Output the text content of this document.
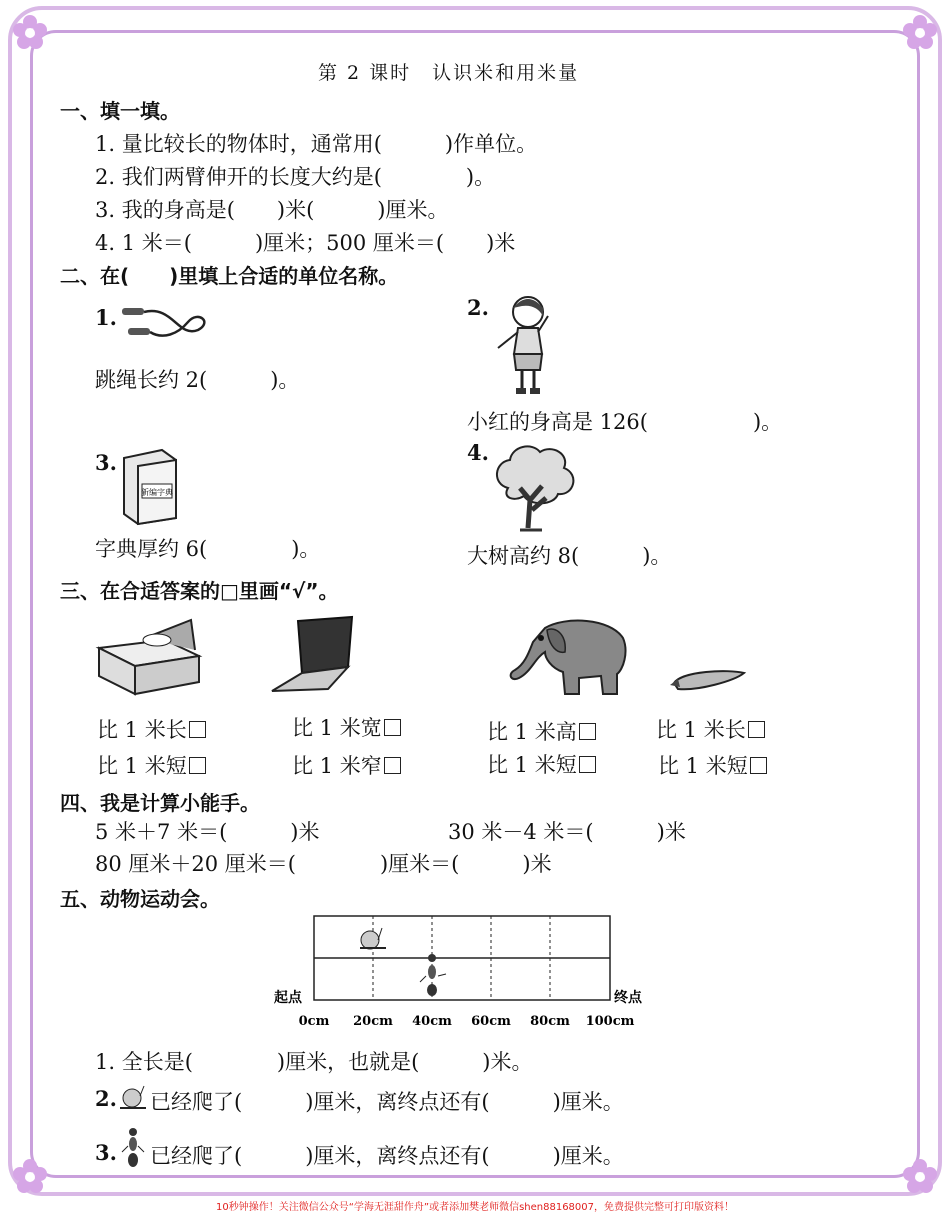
第 2 课时　认识米和用米量
一、填一填。
1. 量比较长的物体时，通常用(　　　)作单位。
2. 我们两臂伸开的长度大约是(　　　　)。
3. 我的身高是(　　)米(　　　)厘米。
4. 1 米＝(　　　)厘米；500 厘米＝(　　)米
二、在(　　)里填上合适的单位名称。
1.
跳绳长约 2(　　　)。
2.
小红的身高是 126(　　　　　)。
3.
新编字典
字典厚约 6(　　　　)。
4.
大树高约 8(　　　)。
三、在合适答案的□里画“√”。
比 1 米长
比 1 米短
比 1 米宽
比 1 米窄
比 1 米高
比 1 米短
比 1 米长
比 1 米短
四、我是计算小能手。
5 米＋7 米＝(　　　)米	30 米－4 米＝(　　　)米
80 厘米＋20 厘米＝(　　　　)厘米＝(　　　)米
五、动物运动会。
起点	终点
0cm 20cm 40cm 60cm 80cm 100cm
1. 全长是(　　　　)厘米，也就是(　　　)米。
2. 已经爬了(　　　)厘米，离终点还有(　　　)厘米。
3. 已经爬了(　　　)厘米，离终点还有(　　　)厘米。
10秒钟操作！关注微信公众号“学海无涯甜作舟”或者添加樊老师微信shen88168007，免费提供完整可打印版资料！
